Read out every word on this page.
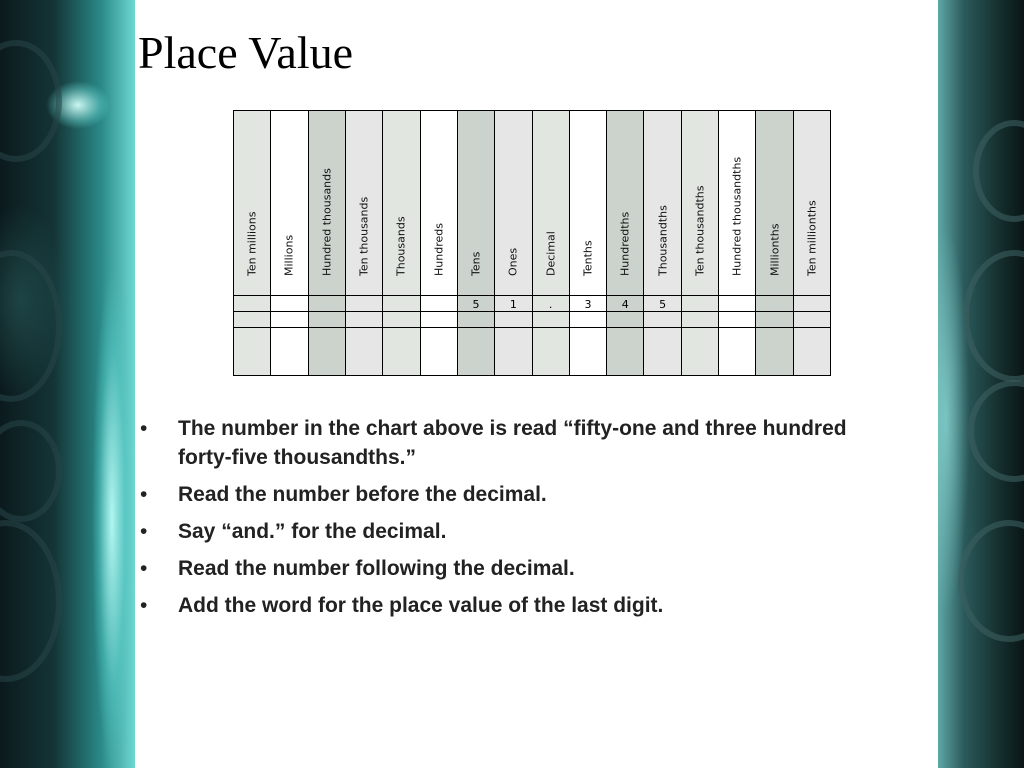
Place Value
Ten millions Millions Hundred thousands Ten thousands Thousands Hundreds Tens
5
Ones
1
Decimal
.
Tenths
3
Hundredths
4
Thousandths
5
Ten thousandths Hundred thousandths Millionths Ten millionths
• The number in the chart above is read “fifty-one and three hundred forty-five thousandths.”
• Read the number before the decimal.
• Say “and.” for the decimal.
• Read the number following the decimal.
• Add the word for the place value of the last digit.
